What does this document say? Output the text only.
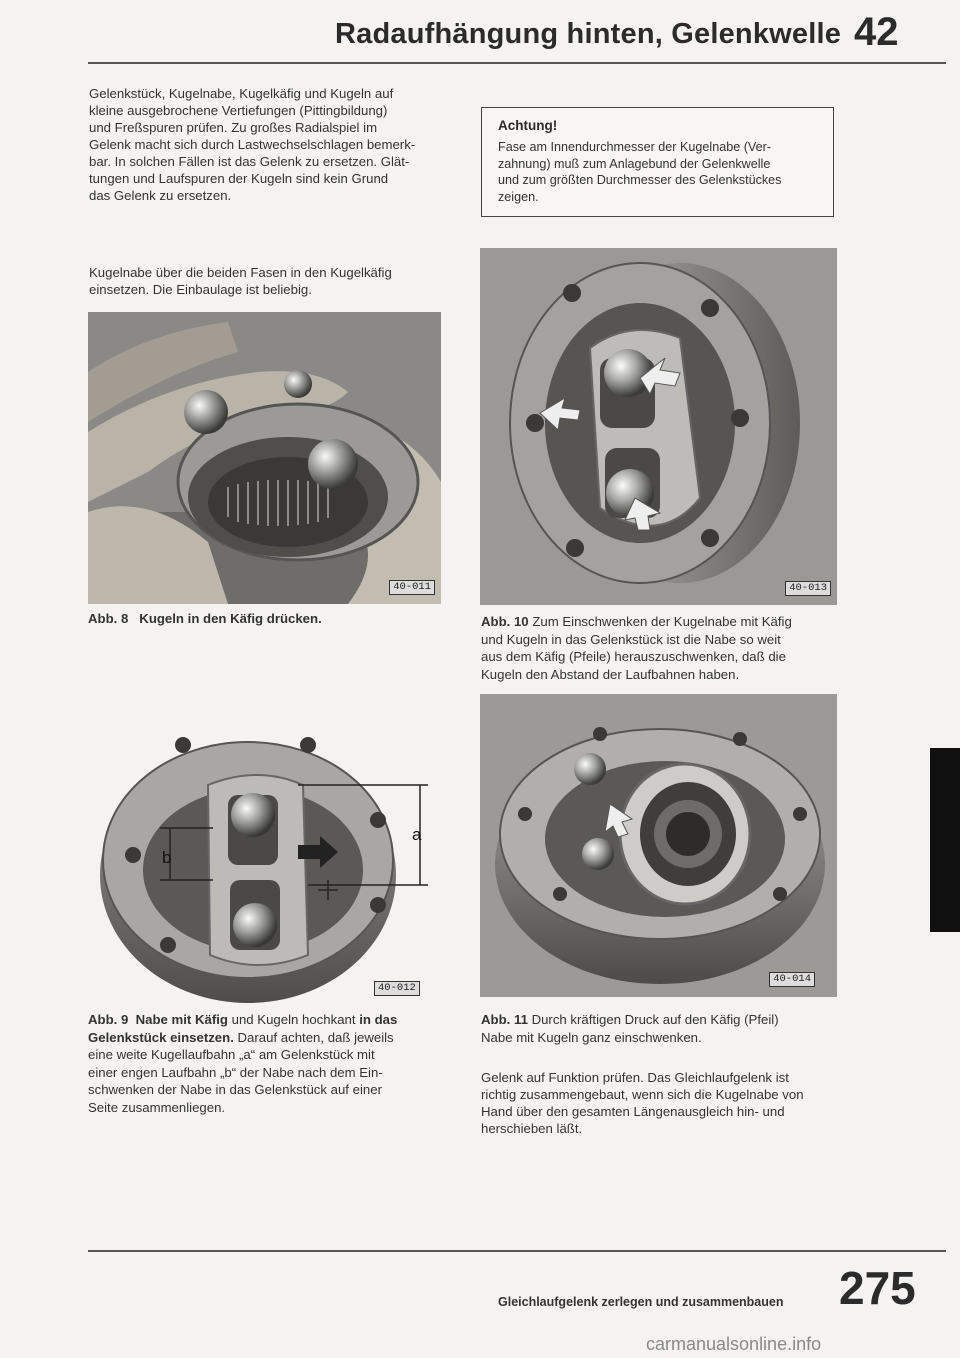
Radaufhängung hinten, Gelenkwelle 42
Gelenkstück, Kugelnabe, Kugelkäfig und Kugeln auf
kleine ausgebrochene Vertiefungen (Pittingbildung)
und Freßspuren prüfen. Zu großes Radialspiel im
Gelenk macht sich durch Lastwechselschlagen bemerk-
bar. In solchen Fällen ist das Gelenk zu ersetzen. Glät-
tungen und Laufspuren der Kugeln sind kein Grund
das Gelenk zu ersetzen.
Achtung!
Fase am Innendurchmesser der Kugelnabe (Ver-
zahnung) muß zum Anlagebund der Gelenkwelle
und zum größten Durchmesser des Gelenkstückes
zeigen.
Kugelnabe über die beiden Fasen in den Kugelkäfig
einsetzen. Die Einbaulage ist beliebig.
40-011	40-013
Abb. 8 Kugeln in den Käfig drücken.	Abb. 10 Zum Einschwenken der Kugelnabe mit Käfig
und Kugeln in das Gelenkstück ist die Nabe so weit
aus dem Käfig (Pfeile) herauszuschwenken, daß die
Kugeln den Abstand der Laufbahnen haben.
a
b
40-012
40-014
Abb. 9 Nabe mit Käfig und Kugeln hochkant in das
Gelenkstück einsetzen. Darauf achten, daß jeweils
eine weite Kugellaufbahn „a“ am Gelenkstück mit
einer engen Laufbahn „b“ der Nabe nach dem Ein-
schwenken der Nabe in das Gelenkstück auf einer
Seite zusammenliegen.
Abb. 11 Durch kräftigen Druck auf den Käfig (Pfeil)
Nabe mit Kugeln ganz einschwenken.
Gelenk auf Funktion prüfen. Das Gleichlaufgelenk ist
richtig zusammengebaut, wenn sich die Kugelnabe von
Hand über den gesamten Längenausgleich hin- und
herschieben läßt.
Gleichlaufgelenk zerlegen und zusammenbauen 275
carmanualsonline.info
